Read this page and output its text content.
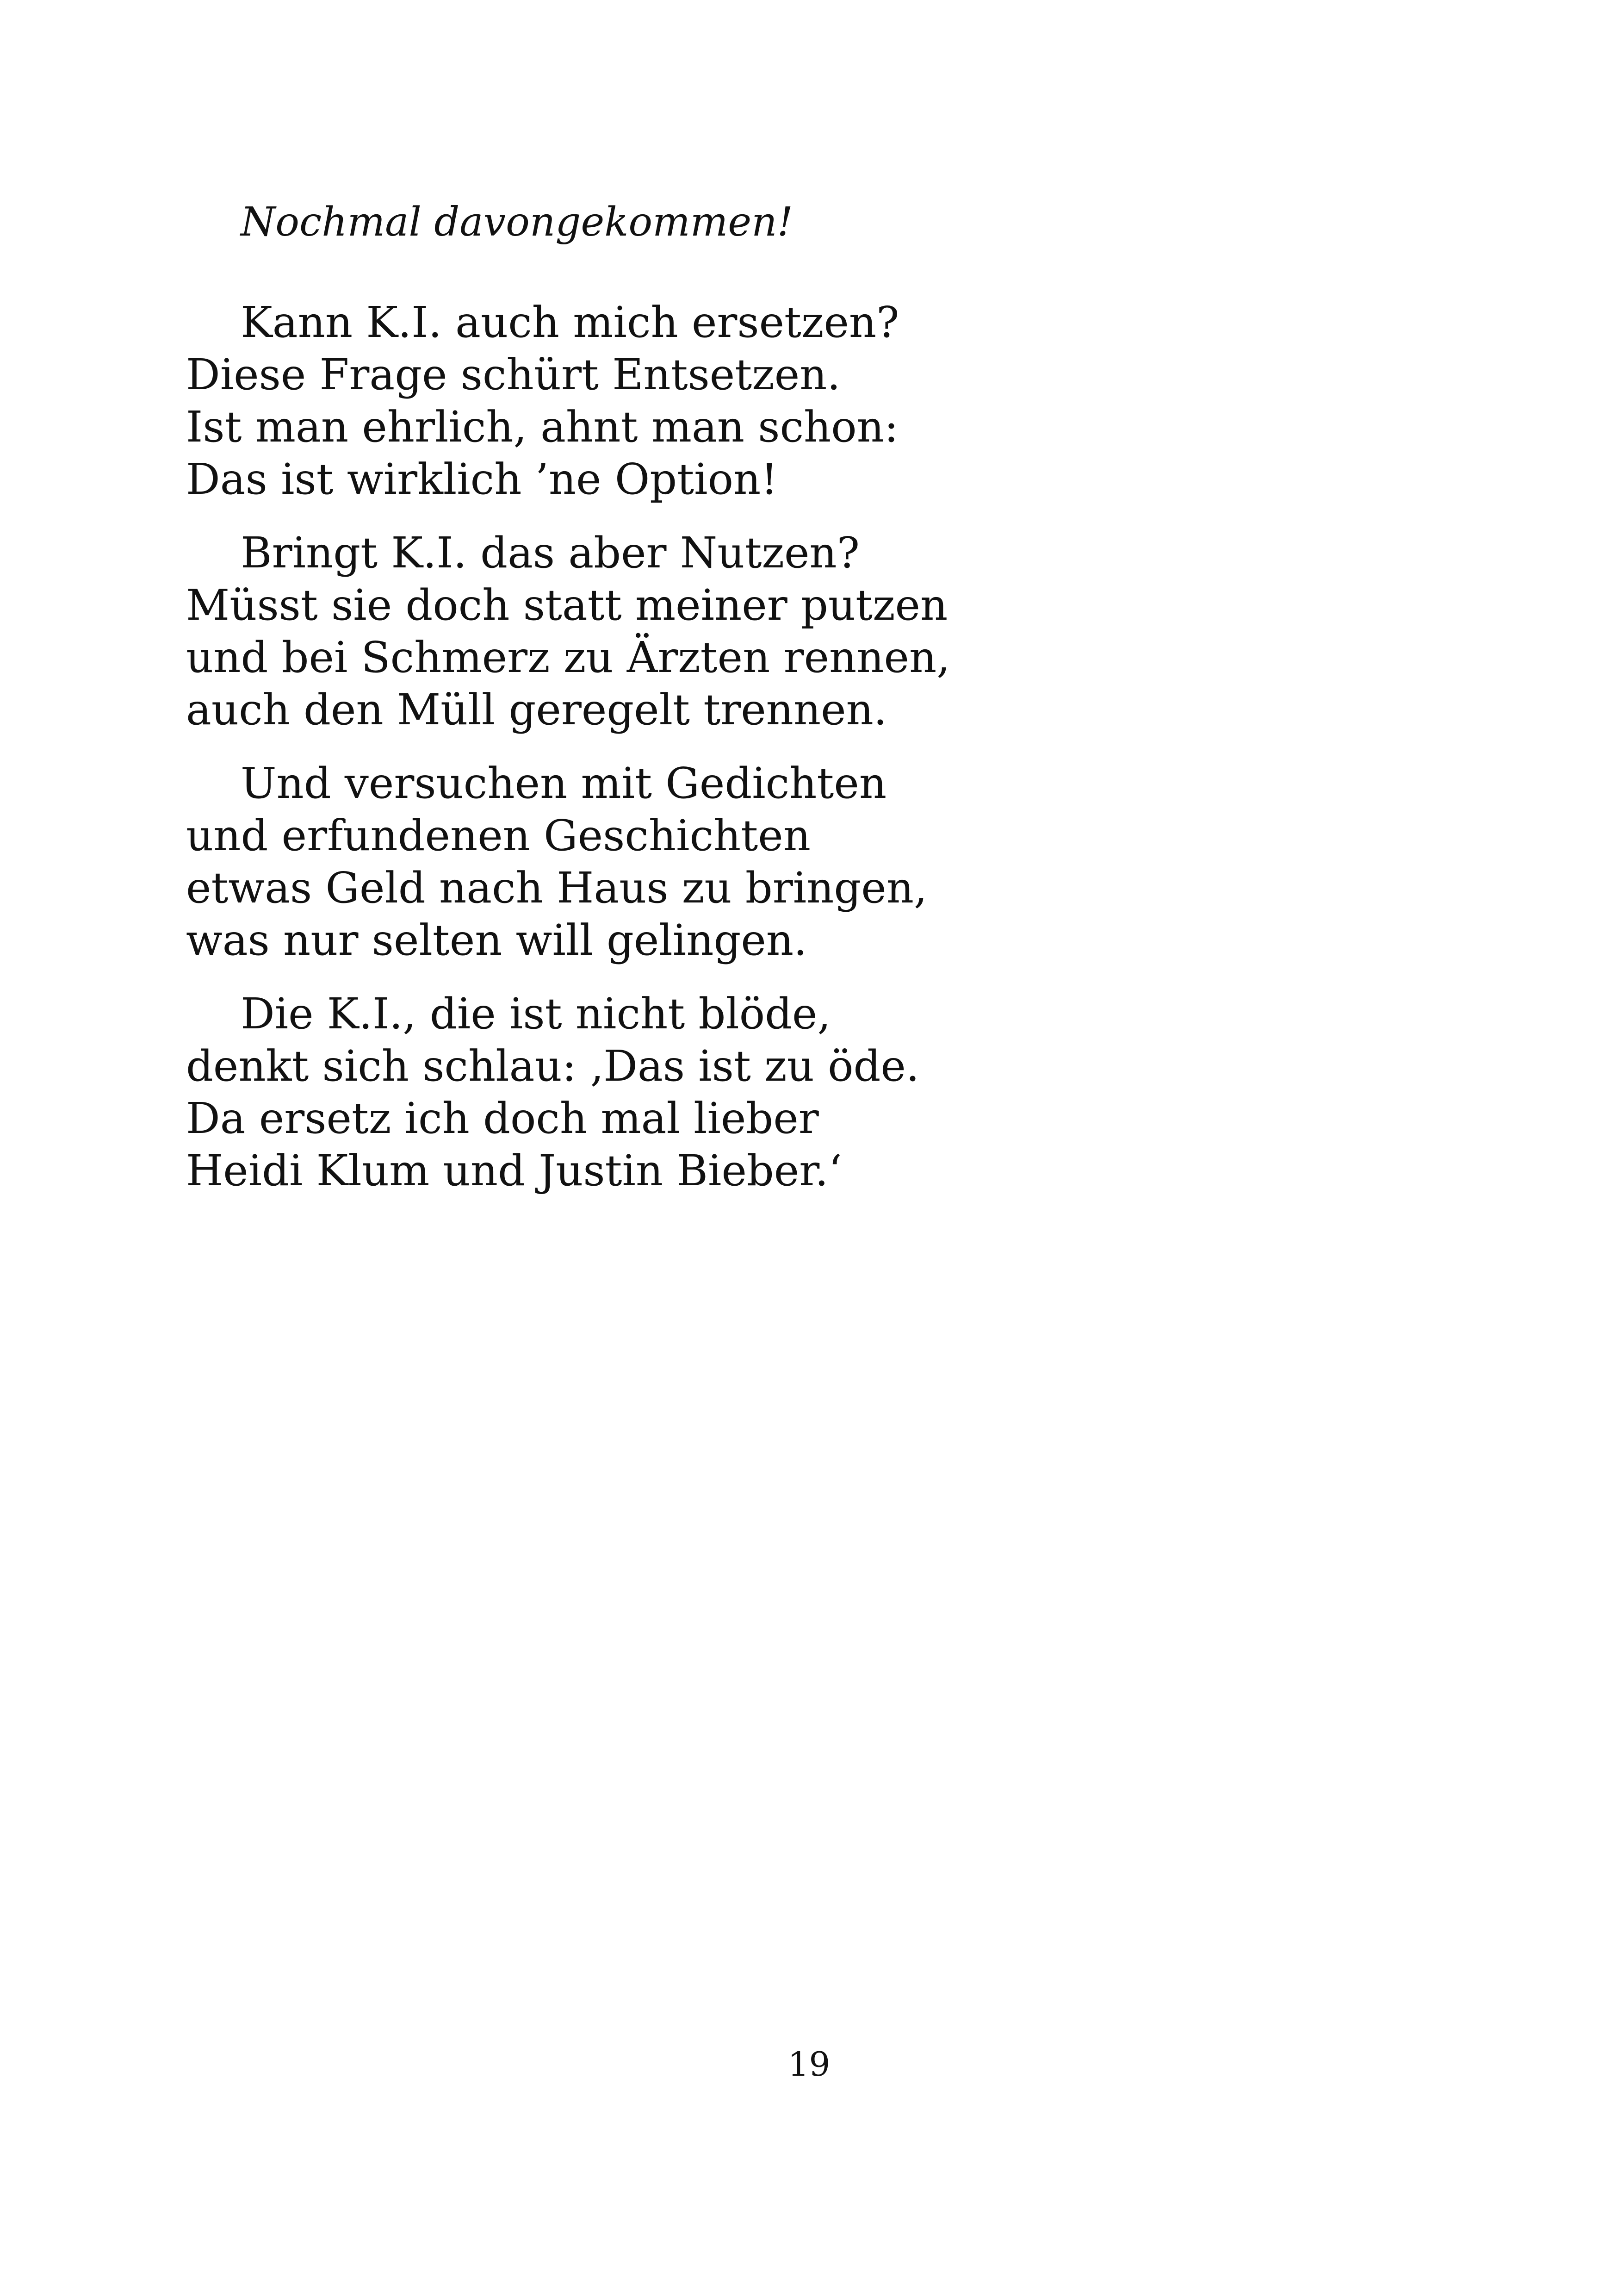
Nochmal davongekommen!
Kann K.I. auch mich ersetzen?
Diese Frage schürt Entsetzen.
Ist man ehrlich, ahnt man schon:
Das ist wirklich ’ne Option!
Bringt K.I. das aber Nutzen?
Müsst sie doch statt meiner putzen
und bei Schmerz zu Ärzten rennen,
auch den Müll geregelt trennen.
Und versuchen mit Gedichten
und erfundenen Geschichten
etwas Geld nach Haus zu bringen,
was nur selten will gelingen.
Die K.I., die ist nicht blöde,
denkt sich schlau: ‚Das ist zu öde.
Da ersetz ich doch mal lieber
Heidi Klum und Justin Bieber.‘
19
